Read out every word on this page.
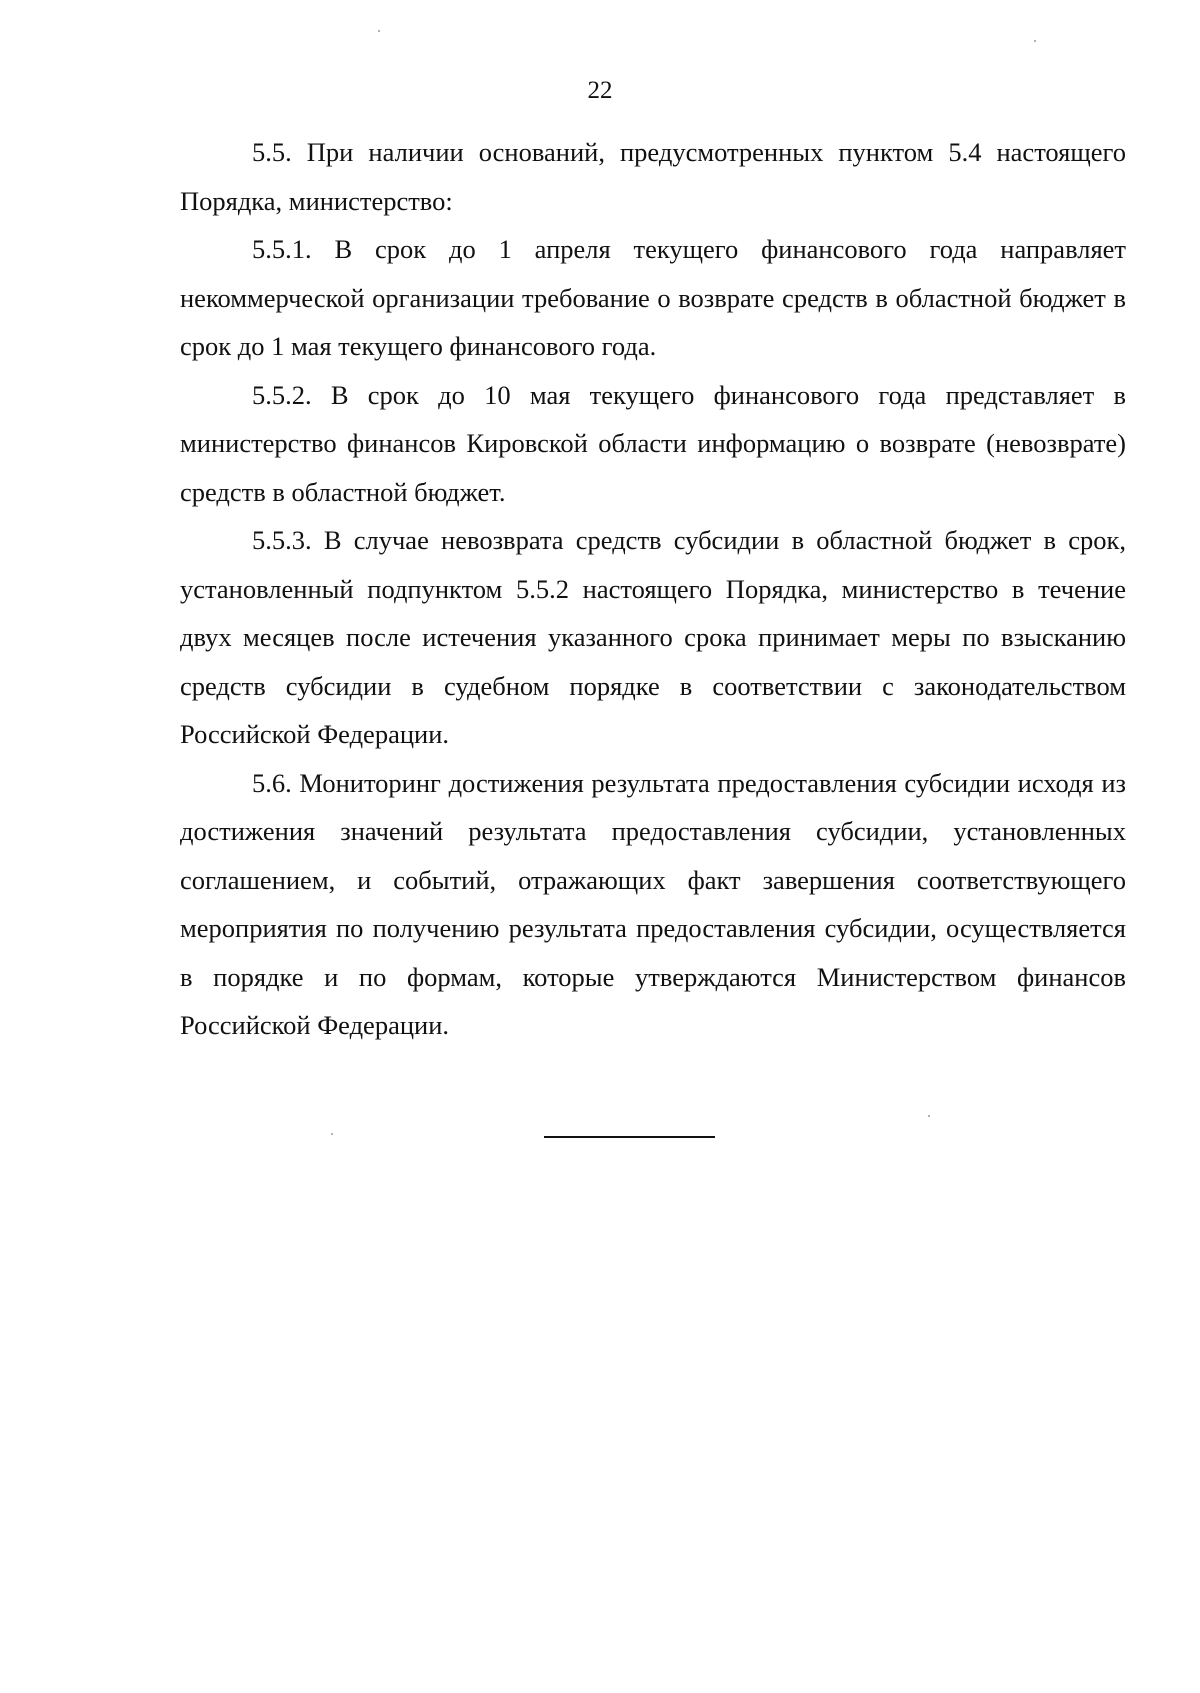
22

5.5. При наличии оснований, предусмотренных пунктом 5.4 настоящего Порядка, министерство:

5.5.1. В срок до 1 апреля текущего финансового года направляет некоммерческой организации требование о возврате средств в областной бюджет в срок до 1 мая текущего финансового года.

5.5.2. В срок до 10 мая текущего финансового года представляет в министерство финансов Кировской области информацию о возврате (невозврате) средств в областной бюджет.

5.5.3. В случае невозврата средств субсидии в областной бюджет в срок, установленный подпунктом 5.5.2 настоящего Порядка, министерство в течение двух месяцев после истечения указанного срока принимает меры по взысканию средств субсидии в судебном порядке в соответствии с законодательством Российской Федерации.

5.6. Мониторинг достижения результата предоставления субсидии исходя из достижения значений результата предоставления субсидии, установленных соглашением, и событий, отражающих факт завершения соответствующего мероприятия по получению результата предоставления субсидии, осуществляется в порядке и по формам, которые утверждаются Министерством финансов Российской Федерации.
